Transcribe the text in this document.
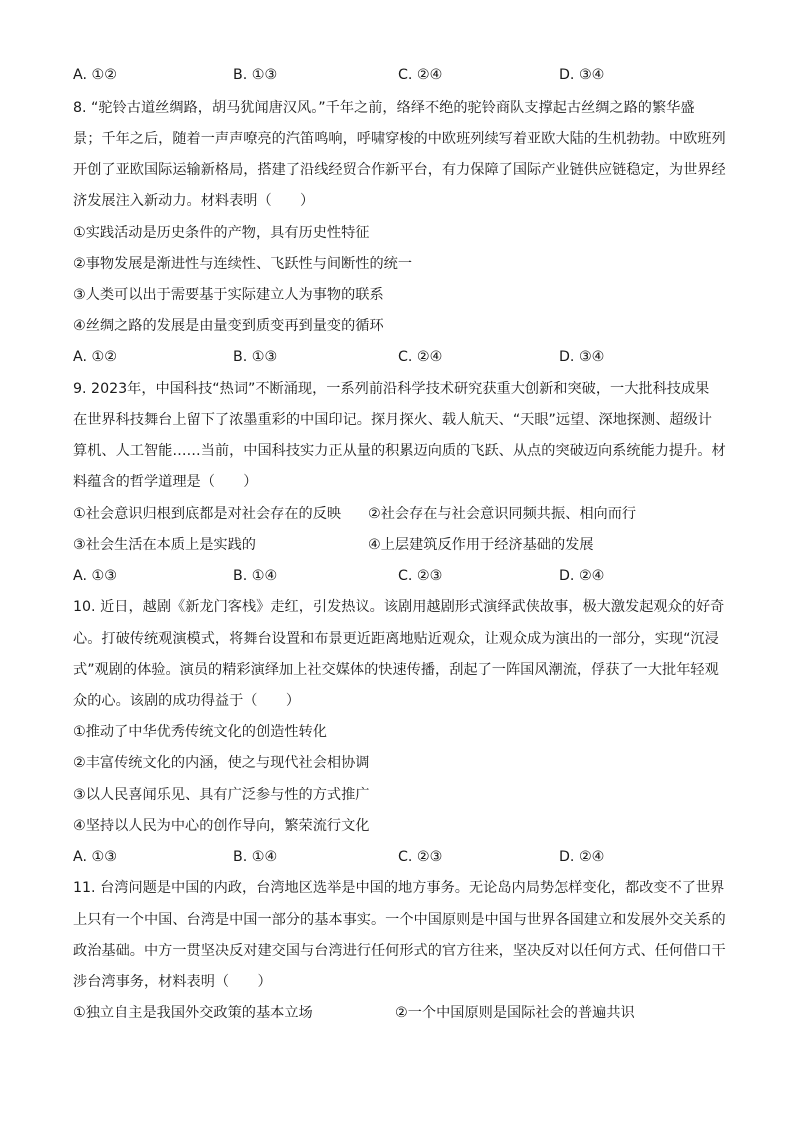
A. ①②	B. ①③	C. ②④	D. ③④
8. “驼铃古道丝绸路，胡马犹闻唐汉风。”千年之前，络绎不绝的驼铃商队支撑起古丝绸之路的繁华盛
景；千年之后，随着一声声嘹亮的汽笛鸣响，呼啸穿梭的中欧班列续写着亚欧大陆的生机勃勃。中欧班列
开创了亚欧国际运输新格局，搭建了沿线经贸合作新平台，有力保障了国际产业链供应链稳定，为世界经
济发展注入新动力。材料表明（　　）
①实践活动是历史条件的产物，具有历史性特征
②事物发展是渐进性与连续性、飞跃性与间断性的统一
③人类可以出于需要基于实际建立人为事物的联系
④丝绸之路的发展是由量变到质变再到量变的循环
A. ①②	B. ①③	C. ②④	D. ③④
9. 2023年，中国科技“热词”不断涌现，一系列前沿科学技术研究获重大创新和突破，一大批科技成果
在世界科技舞台上留下了浓墨重彩的中国印记。探月探火、载人航天、“天眼”远望、深地探测、超级计
算机、人工智能……当前，中国科技实力正从量的积累迈向质的飞跃、从点的突破迈向系统能力提升。材
料蕴含的哲学道理是（　　）
①社会意识归根到底都是对社会存在的反映 ②社会存在与社会意识同频共振、相向而行
③社会生活在本质上是实践的	④上层建筑反作用于经济基础的发展
A. ①③	B. ①④	C. ②③	D. ②④
10. 近日，越剧《新龙门客栈》走红，引发热议。该剧用越剧形式演绎武侠故事，极大激发起观众的好奇
心。打破传统观演模式，将舞台设置和布景更近距离地贴近观众，让观众成为演出的一部分，实现“沉浸
式”观剧的体验。演员的精彩演绎加上社交媒体的快速传播，刮起了一阵国风潮流，俘获了一大批年轻观
众的心。该剧的成功得益于（　　）
①推动了中华优秀传统文化的创造性转化
②丰富传统文化的内涵，使之与现代社会相协调
③以人民喜闻乐见、具有广泛参与性的方式推广
④坚持以人民为中心的创作导向，繁荣流行文化
A. ①③	B. ①④	C. ②③	D. ②④
11. 台湾问题是中国的内政，台湾地区选举是中国的地方事务。无论岛内局势怎样变化，都改变不了世界
上只有一个中国、台湾是中国一部分的基本事实。一个中国原则是中国与世界各国建立和发展外交关系的
政治基础。中方一贯坚决反对建交国与台湾进行任何形式的官方往来，坚决反对以任何方式、任何借口干
涉台湾事务，材料表明（　　）
①独立自主是我国外交政策的基本立场	②一个中国原则是国际社会的普遍共识
